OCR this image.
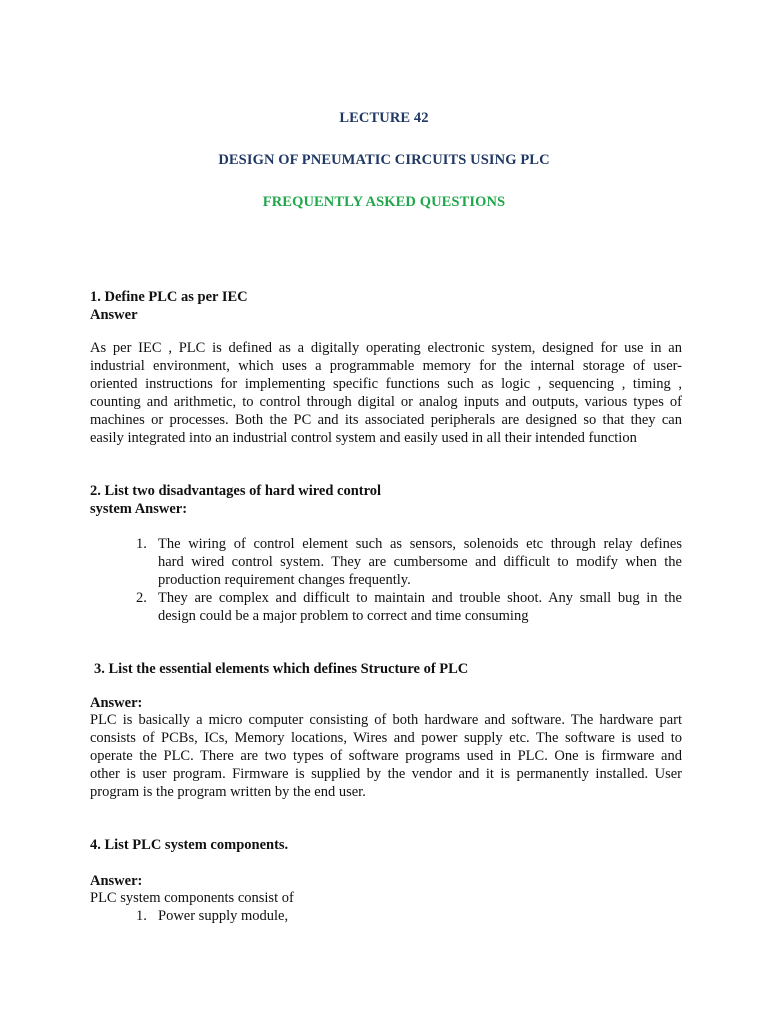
LECTURE 42
DESIGN OF PNEUMATIC CIRCUITS USING PLC
FREQUENTLY ASKED QUESTIONS
1. Define PLC as per IEC
Answer
As per IEC , PLC is defined as a digitally operating electronic system, designed for use in an
industrial environment, which uses a programmable memory for the internal storage of user-
oriented instructions for implementing specific functions such as logic , sequencing , timing ,
counting and arithmetic, to control through digital or analog inputs and outputs, various types of
machines or processes. Both the PC and its associated peripherals are designed so that they can
easily integrated into an industrial control system and easily used in all their intended function
2. List two disadvantages of hard wired control
system Answer:
1. The wiring of control element such as sensors, solenoids etc through relay defines
hard wired control system. They are cumbersome and difficult to modify when the
production requirement changes frequently.
2. They are complex and difficult to maintain and trouble shoot. Any small bug in the
design could be a major problem to correct and time consuming
3. List the essential elements which defines Structure of PLC
Answer:
PLC is basically a micro computer consisting of both hardware and software. The hardware part
consists of PCBs, ICs, Memory locations, Wires and power supply etc. The software is used to
operate the PLC. There are two types of software programs used in PLC. One is firmware and
other is user program. Firmware is supplied by the vendor and it is permanently installed. User
program is the program written by the end user.
4. List PLC system components.
Answer:
PLC system components consist of
1. Power supply module,
